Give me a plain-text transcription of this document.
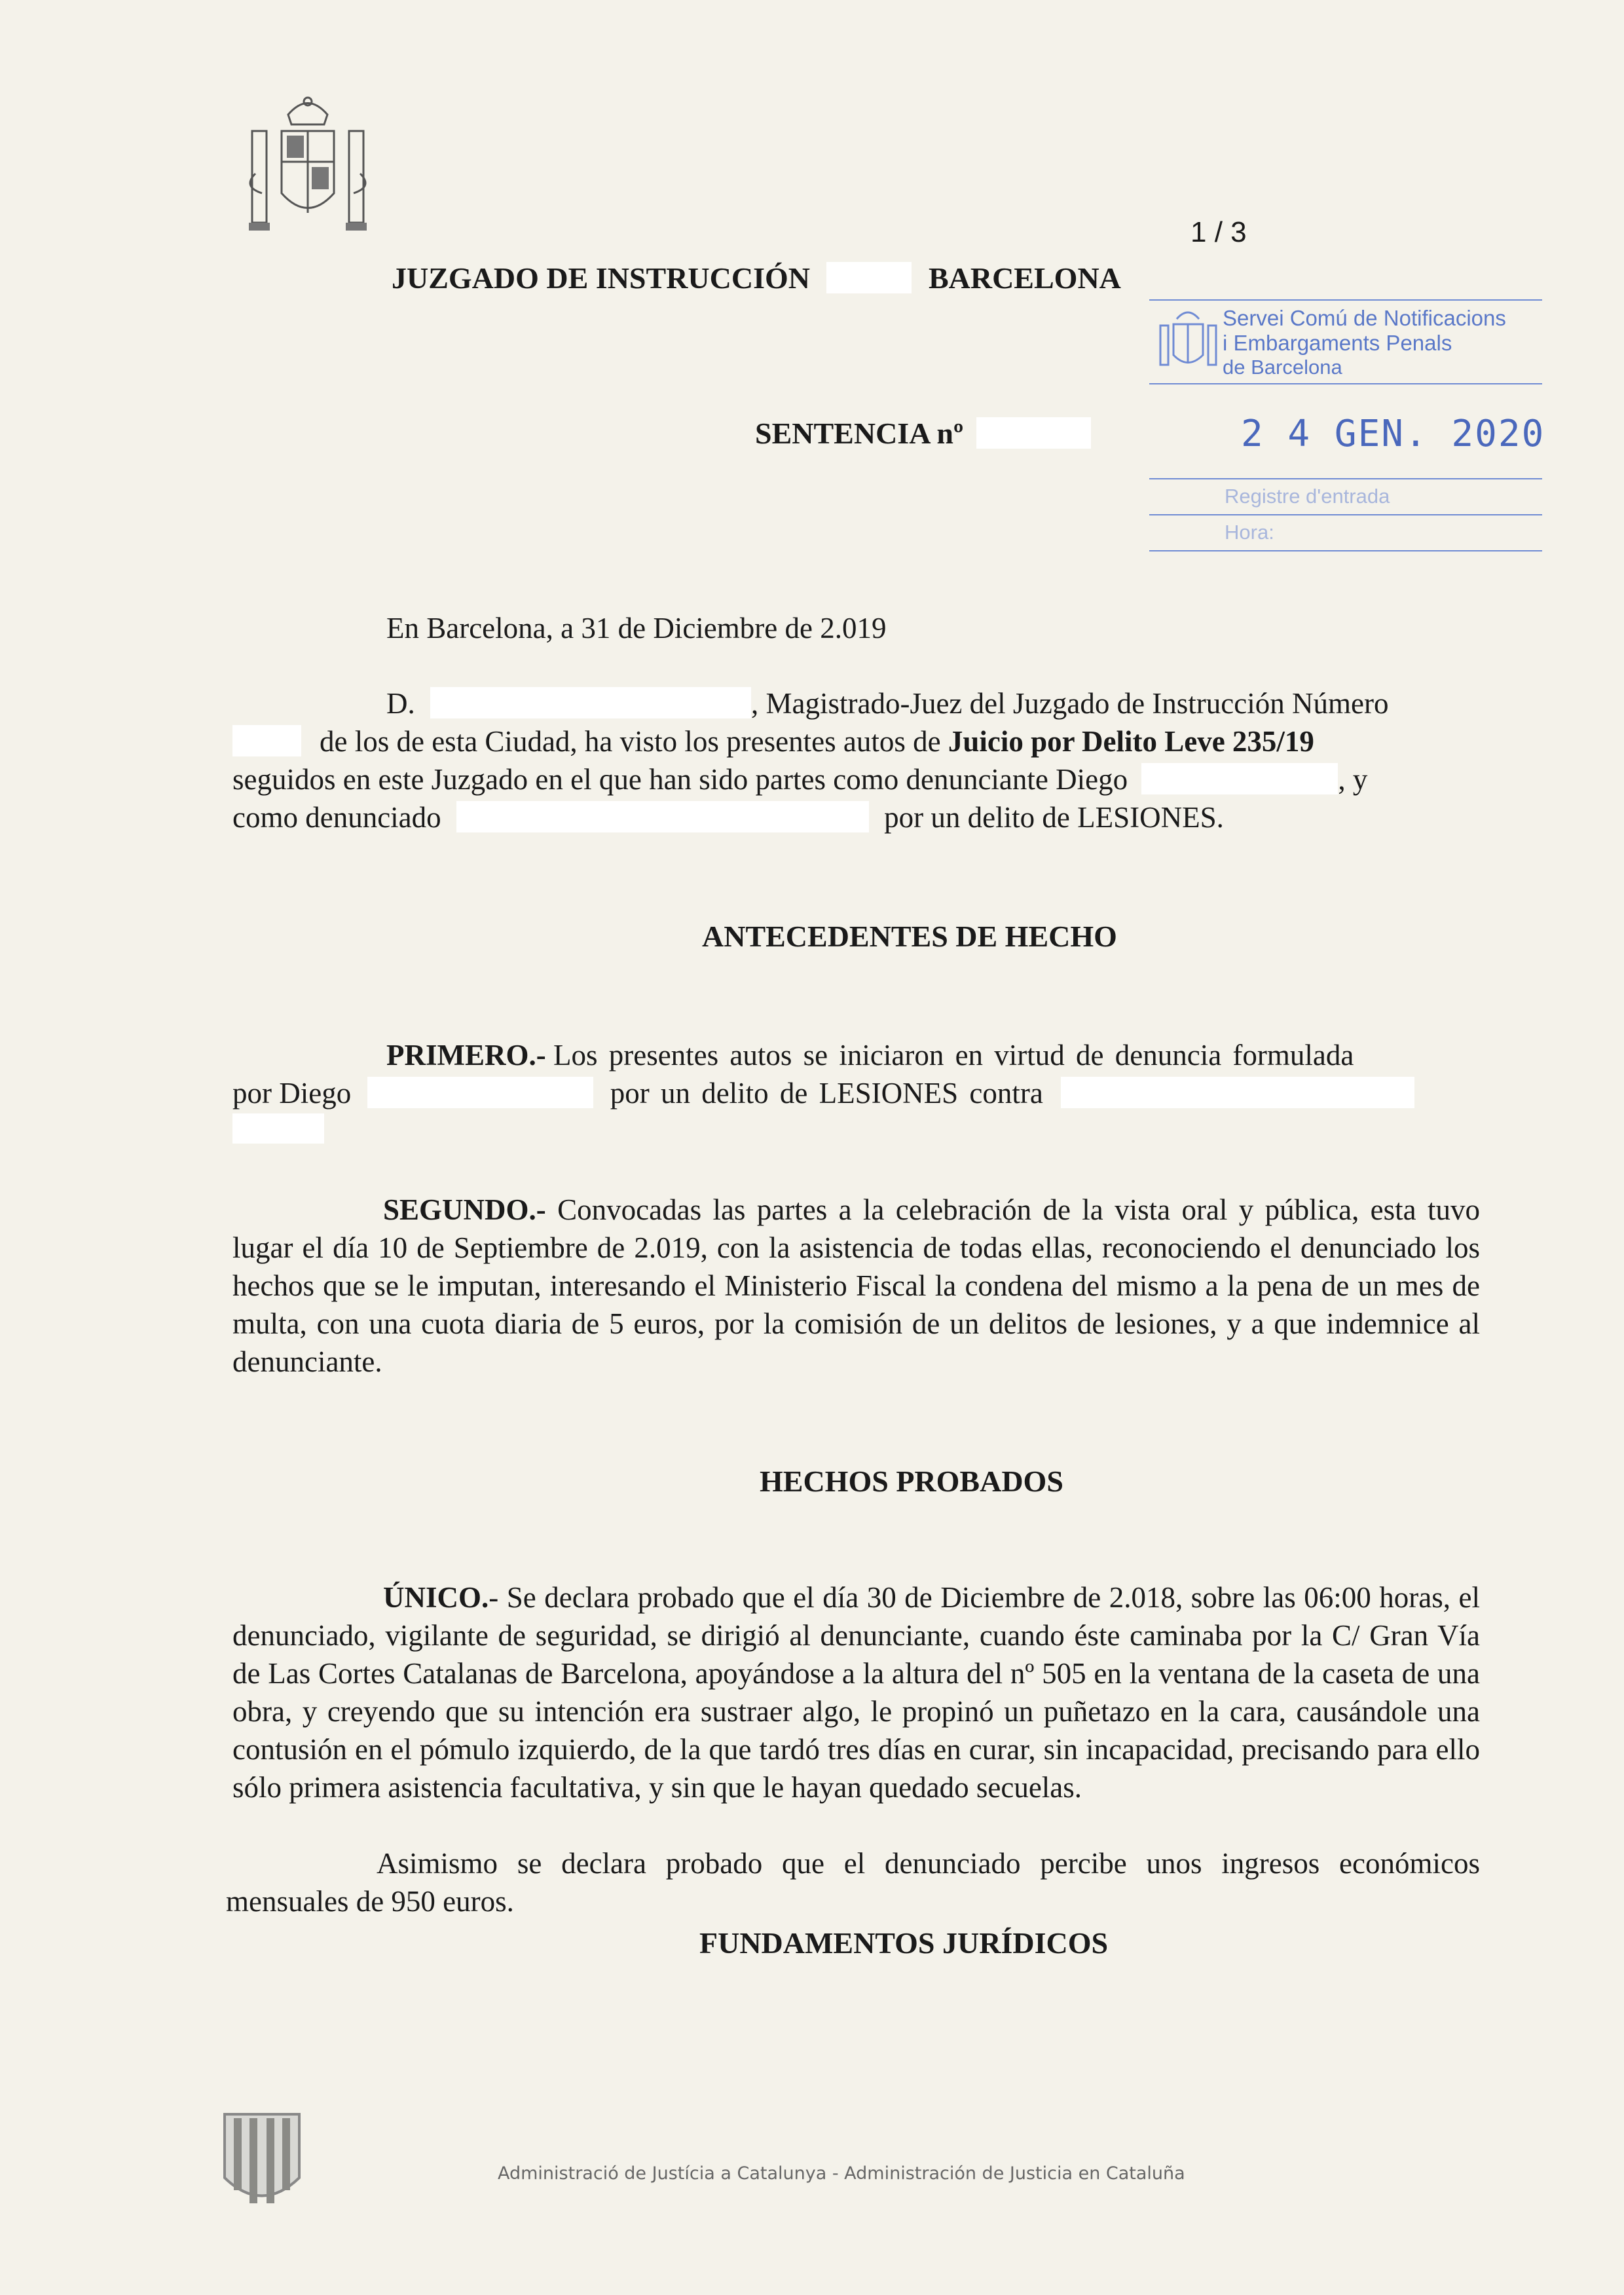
1 / 3
JUZGADO DE INSTRUCCIÓN	BARCELONA
Servei Comú de Notificacions
i Embargaments Penals
de Barcelona
2 4 GEN. 2020
Registre d'entrada
Hora:
SENTENCIA nº
En Barcelona, a 31 de Diciembre de 2.019
D.	, Magistrado-Juez del Juzgado de Instrucción Número
de los de esta Ciudad, ha visto los presentes autos de Juicio por Delito Leve 235/19
seguidos en este Juzgado en el que han sido partes como denunciante Diego	, y
como denunciado	por un delito de LESIONES.
ANTECEDENTES DE HECHO
PRIMERO.- Los presentes autos se iniciaron en virtud de denuncia formulada
por Diego	por un delito de LESIONES contra
SEGUNDO.- Convocadas las partes a la celebración de la vista oral y pública, esta tuvo lugar el día 10 de Septiembre de 2.019, con la asistencia de todas ellas, reconociendo el denunciado los hechos que se le imputan, interesando el Ministerio Fiscal la condena del mismo a la pena de un mes de multa, con una cuota diaria de 5 euros, por la comisión de un delitos de lesiones, y a que indemnice al denunciante.
HECHOS PROBADOS
ÚNICO.- Se declara probado que el día 30 de Diciembre de 2.018, sobre las 06:00 horas, el denunciado, vigilante de seguridad, se dirigió al denunciante, cuando éste caminaba por la C/ Gran Vía de Las Cortes Catalanas de Barcelona, apoyándose a la altura del nº 505 en la ventana de la caseta de una obra, y creyendo que su intención era sustraer algo, le propinó un puñetazo en la cara, causándole una contusión en el pómulo izquierdo, de la que tardó tres días en curar, sin incapacidad, precisando para ello sólo primera asistencia facultativa, y sin que le hayan quedado secuelas.
Asimismo se declara probado que el denunciado percibe unos ingresos económicos mensuales de 950 euros.
FUNDAMENTOS JURÍDICOS
Administració de Justícia a Catalunya - Administración de Justicia en Cataluña
